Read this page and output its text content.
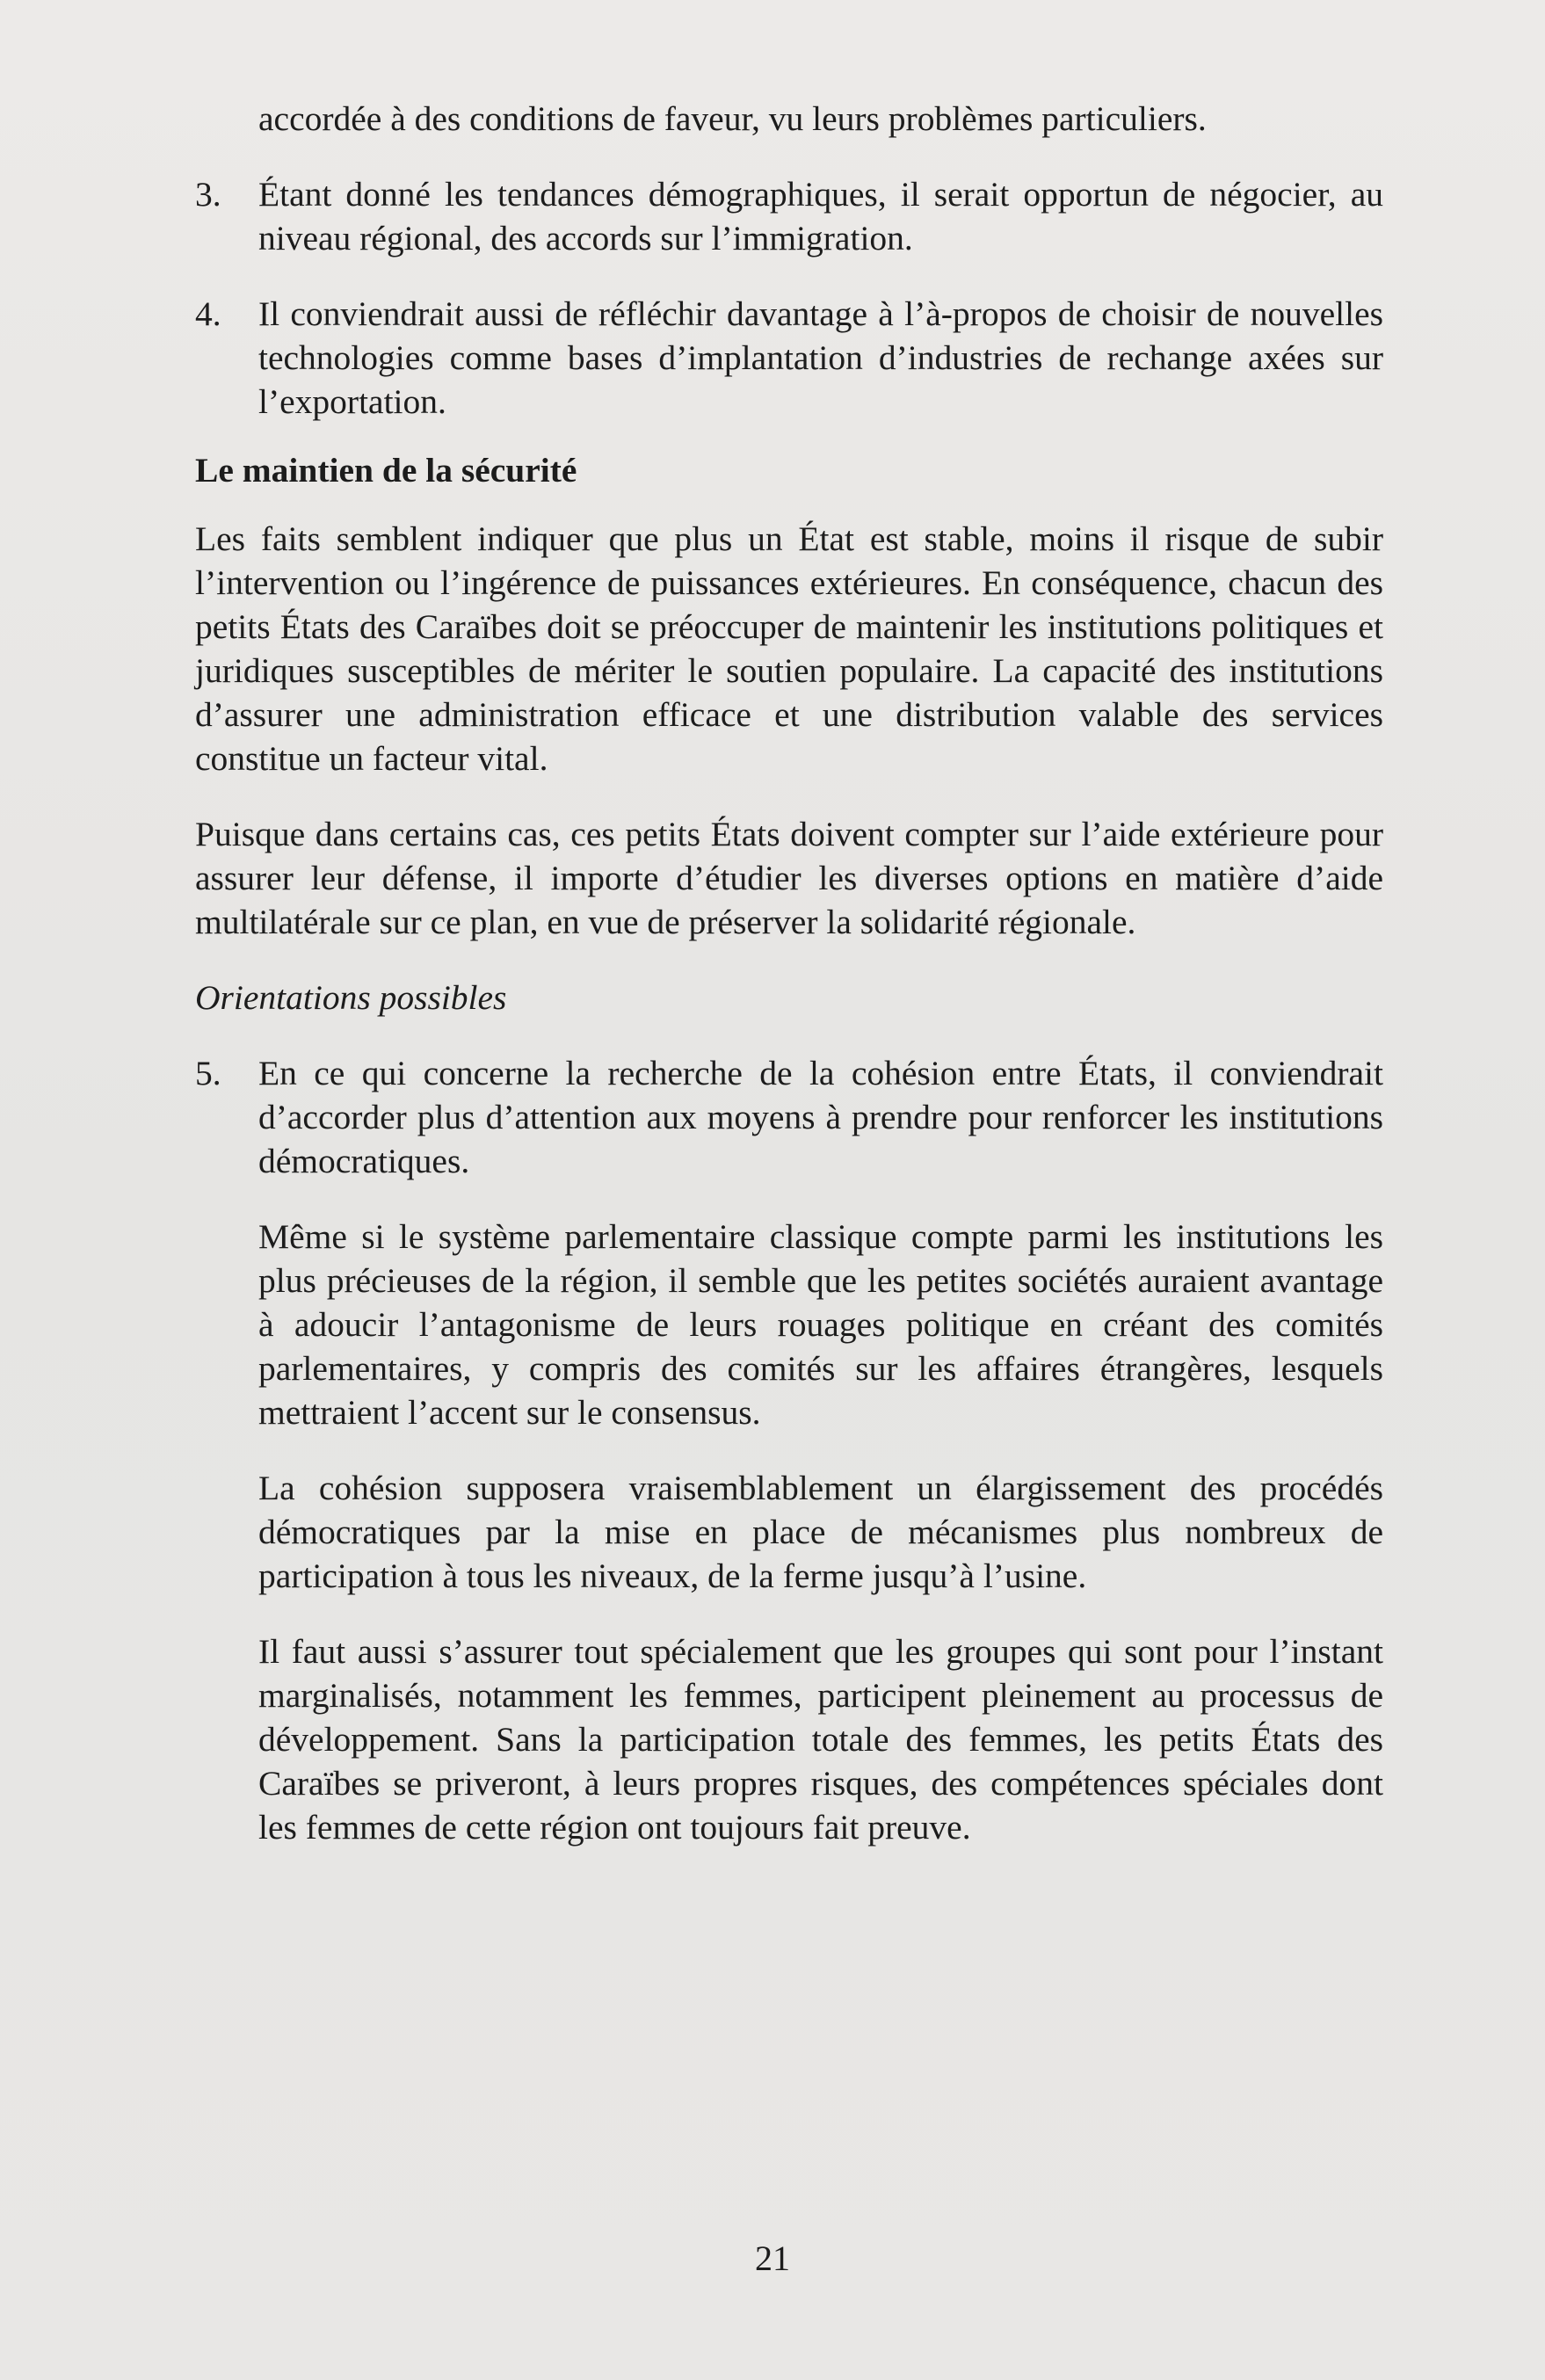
accordée à des conditions de faveur, vu leurs problèmes particuliers.

3.	Étant donné les tendances démographiques, il serait opportun de négocier, au niveau régional, des accords sur l’immigration.
4.	Il conviendrait aussi de réfléchir davantage à l’à-propos de choisir de nouvelles technologies comme bases d’implantation d’industries de rechange axées sur l’exportation.

Le maintien de la sécurité

Les faits semblent indiquer que plus un État est stable, moins il risque de subir l’intervention ou l’ingérence de puissances extérieures. En conséquence, chacun des petits États des Caraïbes doit se préoccuper de maintenir les institutions politiques et juridiques susceptibles de mériter le soutien populaire. La capacité des institutions d’assurer une administration efficace et une distribution valable des services constitue un facteur vital.

Puisque dans certains cas, ces petits États doivent compter sur l’aide extérieure pour assurer leur défense, il importe d’étudier les diverses options en matière d’aide multilatérale sur ce plan, en vue de préserver la solidarité régionale.

Orientations possibles

5.	En ce qui concerne la recherche de la cohésion entre États, il conviendrait d’accorder plus d’attention aux moyens à prendre pour renforcer les institutions démocratiques.

Même si le système parlementaire classique compte parmi les institutions les plus précieuses de la région, il semble que les petites sociétés auraient avantage à adoucir l’antagonisme de leurs rouages politique en créant des comités parlementaires, y compris des comités sur les affaires étrangères, lesquels mettraient l’accent sur le consensus.

La cohésion supposera vraisemblablement un élargissement des procédés démocratiques par la mise en place de mécanismes plus nombreux de participation à tous les niveaux, de la ferme jusqu’à l’usine.

Il faut aussi s’assurer tout spécialement que les groupes qui sont pour l’instant marginalisés, notamment les femmes, participent pleinement au processus de développement. Sans la participation totale des femmes, les petits États des Caraïbes se priveront, à leurs propres risques, des compétences spéciales dont les femmes de cette région ont toujours fait preuve.

21
